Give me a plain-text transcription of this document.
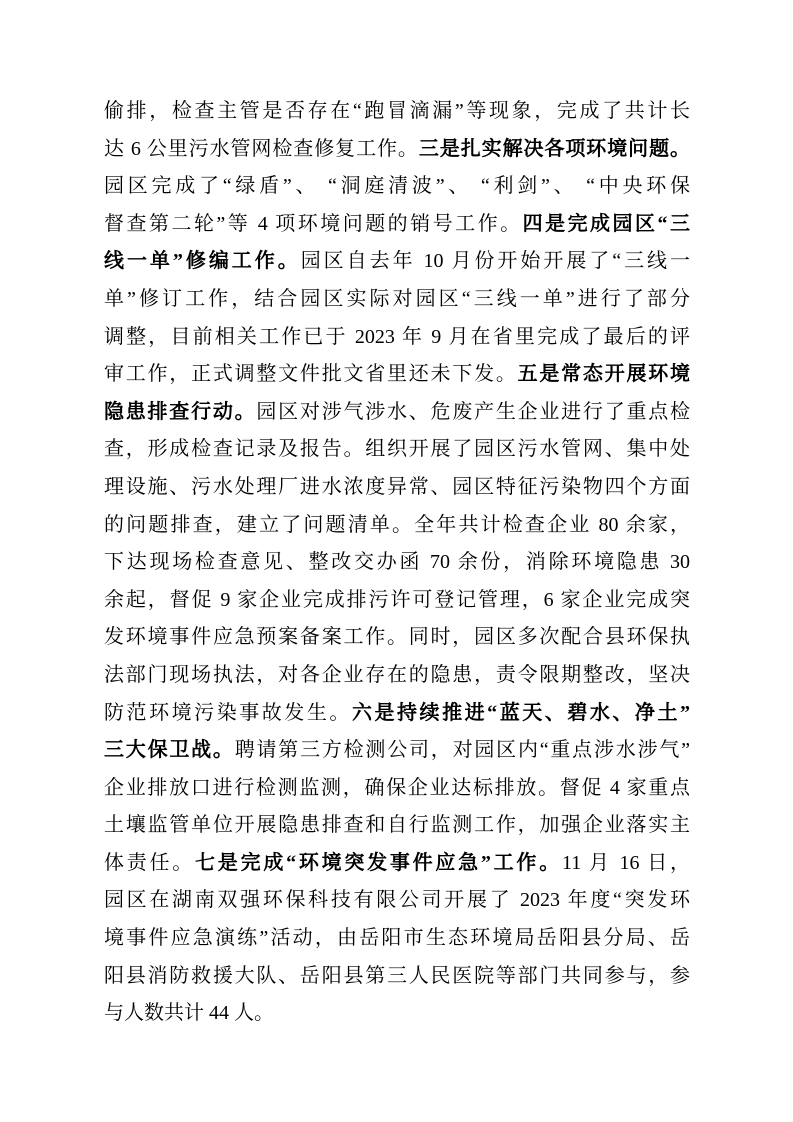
偷排，检查主管是否存在“跑冒滴漏”等现象，完成了共计长
达 6 公里污水管网检查修复工作。三是扎实解决各项环境问题。
园区完成了“绿盾”、 “洞庭清波”、 “利剑”、 “中央环保
督查第二轮”等 4 项环境问题的销号工作。四是完成园区“三
线一单”修编工作。园区自去年 10 月份开始开展了“三线一
单”修订工作，结合园区实际对园区“三线一单”进行了部分
调整，目前相关工作已于 2023 年 9 月在省里完成了最后的评
审工作，正式调整文件批文省里还未下发。五是常态开展环境
隐患排查行动。园区对涉气涉水、危废产生企业进行了重点检
查，形成检查记录及报告。组织开展了园区污水管网、集中处
理设施、污水处理厂进水浓度异常、园区特征污染物四个方面
的问题排查，建立了问题清单。全年共计检查企业 80 余家，
下达现场检查意见、整改交办函 70 余份，消除环境隐患 30
余起，督促 9 家企业完成排污许可登记管理，6 家企业完成突
发环境事件应急预案备案工作。同时，园区多次配合县环保执
法部门现场执法，对各企业存在的隐患，责令限期整改，坚决
防范环境污染事故发生。六是持续推进“蓝天、碧水、净土”
三大保卫战。聘请第三方检测公司，对园区内“重点涉水涉气”
企业排放口进行检测监测，确保企业达标排放。督促 4 家重点
土壤监管单位开展隐患排查和自行监测工作，加强企业落实主
体责任。七是完成“环境突发事件应急”工作。11 月 16 日，
园区在湖南双强环保科技有限公司开展了 2023 年度“突发环
境事件应急演练”活动，由岳阳市生态环境局岳阳县分局、岳
阳县消防救援大队、岳阳县第三人民医院等部门共同参与，参
与人数共计 44 人。
